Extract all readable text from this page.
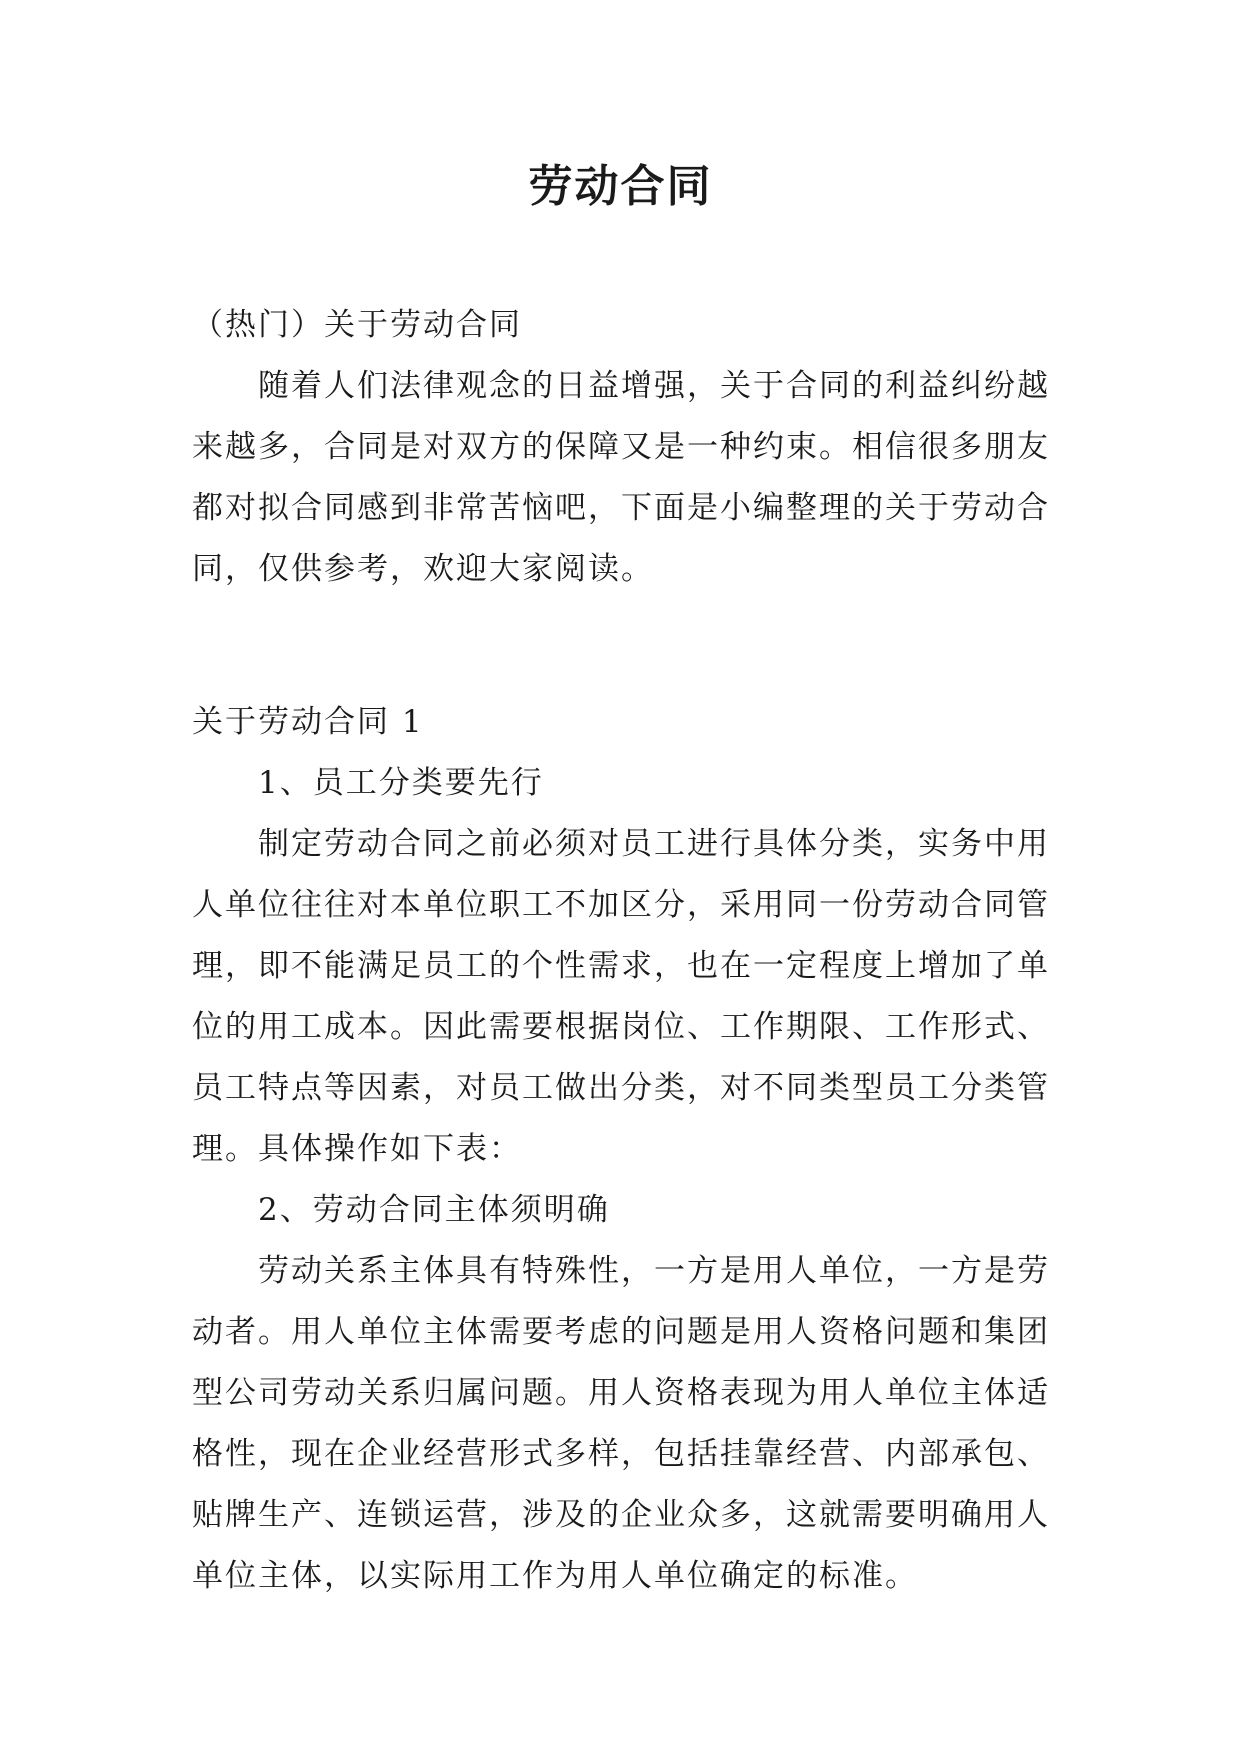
劳动合同

（热门）关于劳动合同

随着人们法律观念的日益增强，关于合同的利益纠纷越

来越多，合同是对双方的保障又是一种约束。相信很多朋友

都对拟合同感到非常苦恼吧，下面是小编整理的关于劳动合

同，仅供参考，欢迎大家阅读。

关于劳动合同 1

1、员工分类要先行

制定劳动合同之前必须对员工进行具体分类，实务中用

人单位往往对本单位职工不加区分，采用同一份劳动合同管

理，即不能满足员工的个性需求，也在一定程度上增加了单

位的用工成本。因此需要根据岗位、工作期限、工作形式、

员工特点等因素，对员工做出分类，对不同类型员工分类管

理。具体操作如下表：

2、劳动合同主体须明确

劳动关系主体具有特殊性，一方是用人单位，一方是劳

动者。用人单位主体需要考虑的问题是用人资格问题和集团

型公司劳动关系归属问题。用人资格表现为用人单位主体适

格性，现在企业经营形式多样，包括挂靠经营、内部承包、

贴牌生产、连锁运营，涉及的企业众多，这就需要明确用人

单位主体，以实际用工作为用人单位确定的标准。
